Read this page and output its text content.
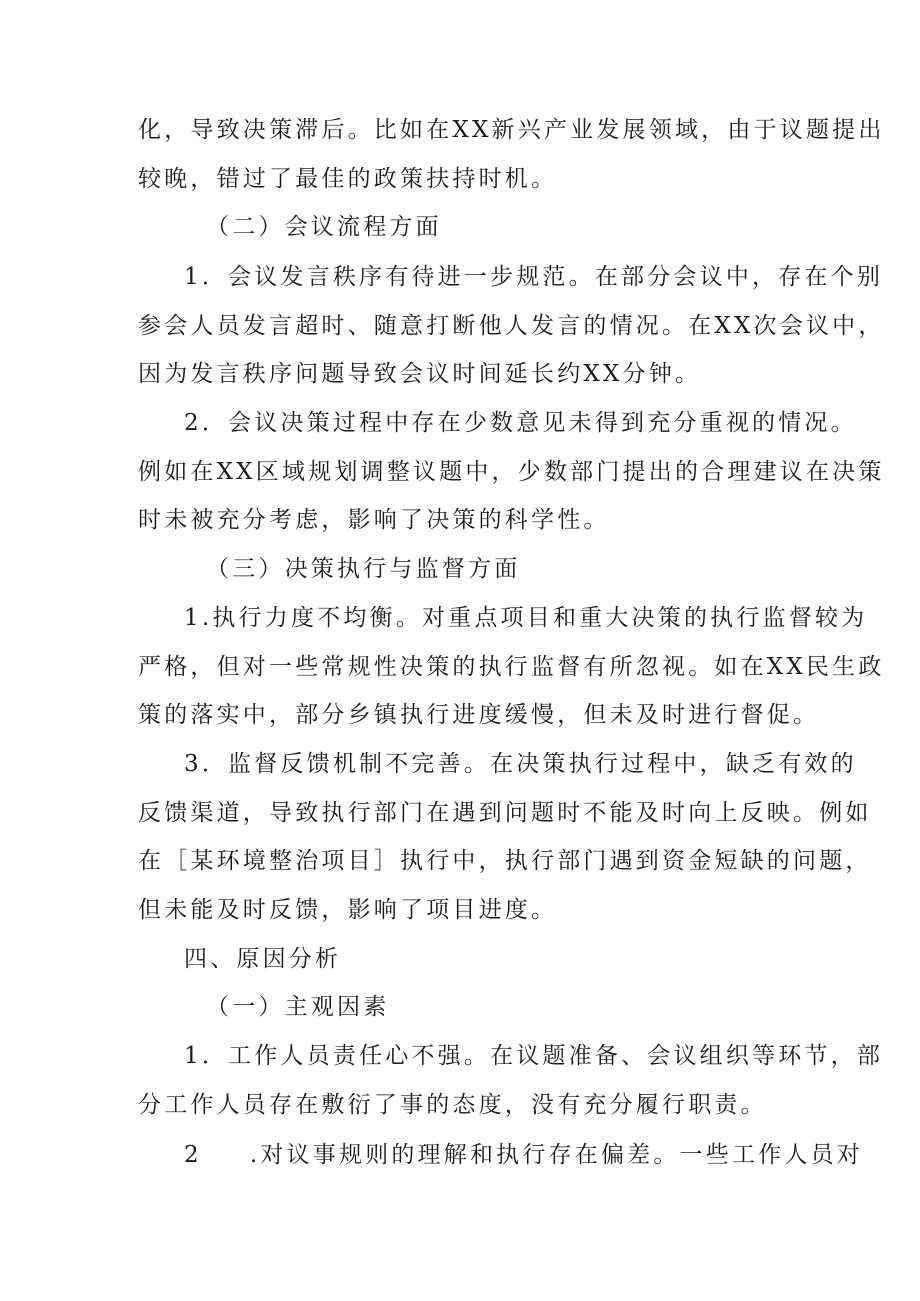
化，导致决策滞后。比如在XX新兴产业发展领域，由于议题提出
较晚，错过了最佳的政策扶持时机。
（二）会议流程方面
1．会议发言秩序有待进一步规范。在部分会议中，存在个别
参会人员发言超时、随意打断他人发言的情况。在XX次会议中，
因为发言秩序问题导致会议时间延长约XX分钟。
2．会议决策过程中存在少数意见未得到充分重视的情况。
例如在XX区域规划调整议题中，少数部门提出的合理建议在决策
时未被充分考虑，影响了决策的科学性。
（三）决策执行与监督方面
1.执行力度不均衡。对重点项目和重大决策的执行监督较为
严格，但对一些常规性决策的执行监督有所忽视。如在XX民生政
策的落实中，部分乡镇执行进度缓慢，但未及时进行督促。
3．监督反馈机制不完善。在决策执行过程中，缺乏有效的
反馈渠道，导致执行部门在遇到问题时不能及时向上反映。例如
在［某环境整治项目］执行中，执行部门遇到资金短缺的问题，
但未能及时反馈，影响了项目进度。
四、原因分析
（一）主观因素
1．工作人员责任心不强。在议题准备、会议组织等环节，部
分工作人员存在敷衍了事的态度，没有充分履行职责。
2 .对议事规则的理解和执行存在偏差。一些工作人员对
